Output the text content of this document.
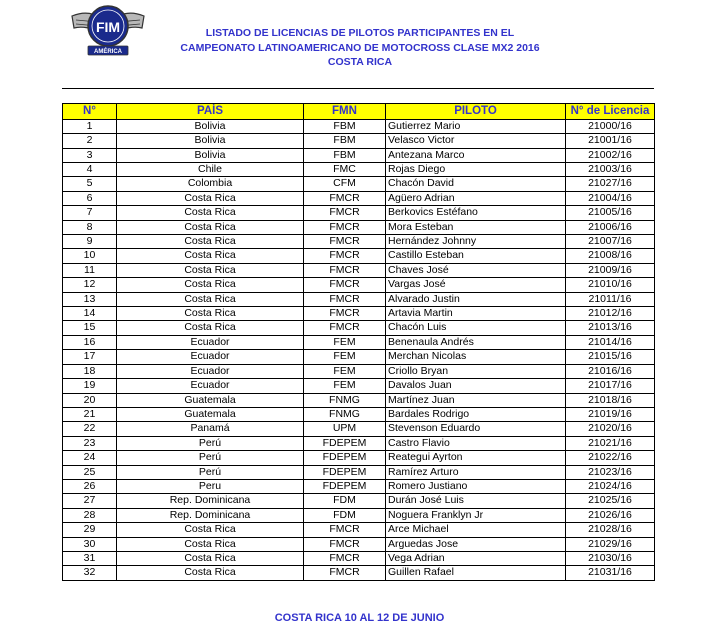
FIM
AMÉRICA
LISTADO DE LICENCIAS DE PILOTOS PARTICIPANTES EN EL
CAMPEONATO LATINOAMERICANO DE MOTOCROSS CLASE MX2 2016
COSTA RICA
N°	PAÍS	FMN	PILOTO	N° de Licencia
1	Bolivia	FBM	Gutierrez Mario	21000/16
2	Bolivia	FBM	Velasco Victor	21001/16
3	Bolivia	FBM	Antezana Marco	21002/16
4	Chile	FMC	Rojas Diego	21003/16
5	Colombia	CFM	Chacón David	21027/16
6	Costa Rica	FMCR	Agüero Adrian	21004/16
7	Costa Rica	FMCR	Berkovics Estéfano	21005/16
8	Costa Rica	FMCR	Mora Esteban	21006/16
9	Costa Rica	FMCR	Hernández Johnny	21007/16
10	Costa Rica	FMCR	Castillo Esteban	21008/16
11	Costa Rica	FMCR	Chaves José	21009/16
12	Costa Rica	FMCR	Vargas José	21010/16
13	Costa Rica	FMCR	Alvarado Justin	21011/16
14	Costa Rica	FMCR	Artavia Martin	21012/16
15	Costa Rica	FMCR	Chacón Luis	21013/16
16	Ecuador	FEM	Benenaula Andrés	21014/16
17	Ecuador	FEM	Merchan Nicolas	21015/16
18	Ecuador	FEM	Criollo Bryan	21016/16
19	Ecuador	FEM	Davalos Juan	21017/16
20	Guatemala	FNMG	Martínez Juan	21018/16
21	Guatemala	FNMG	Bardales Rodrigo	21019/16
22	Panamá	UPM	Stevenson Eduardo	21020/16
23	Perú	FDEPEM	Castro Flavio	21021/16
24	Perú	FDEPEM	Reategui Ayrton	21022/16
25	Perú	FDEPEM	Ramírez Arturo	21023/16
26	Peru	FDEPEM	Romero Justiano	21024/16
27	Rep. Dominicana	FDM	Durán José Luis	21025/16
28	Rep. Dominicana	FDM	Noguera Franklyn Jr	21026/16
29	Costa Rica	FMCR	Arce Michael	21028/16
30	Costa Rica	FMCR	Arguedas Jose	21029/16
31	Costa Rica	FMCR	Vega Adrian	21030/16
32	Costa Rica	FMCR	Guillen Rafael	21031/16
COSTA RICA 10 AL 12 DE JUNIO
